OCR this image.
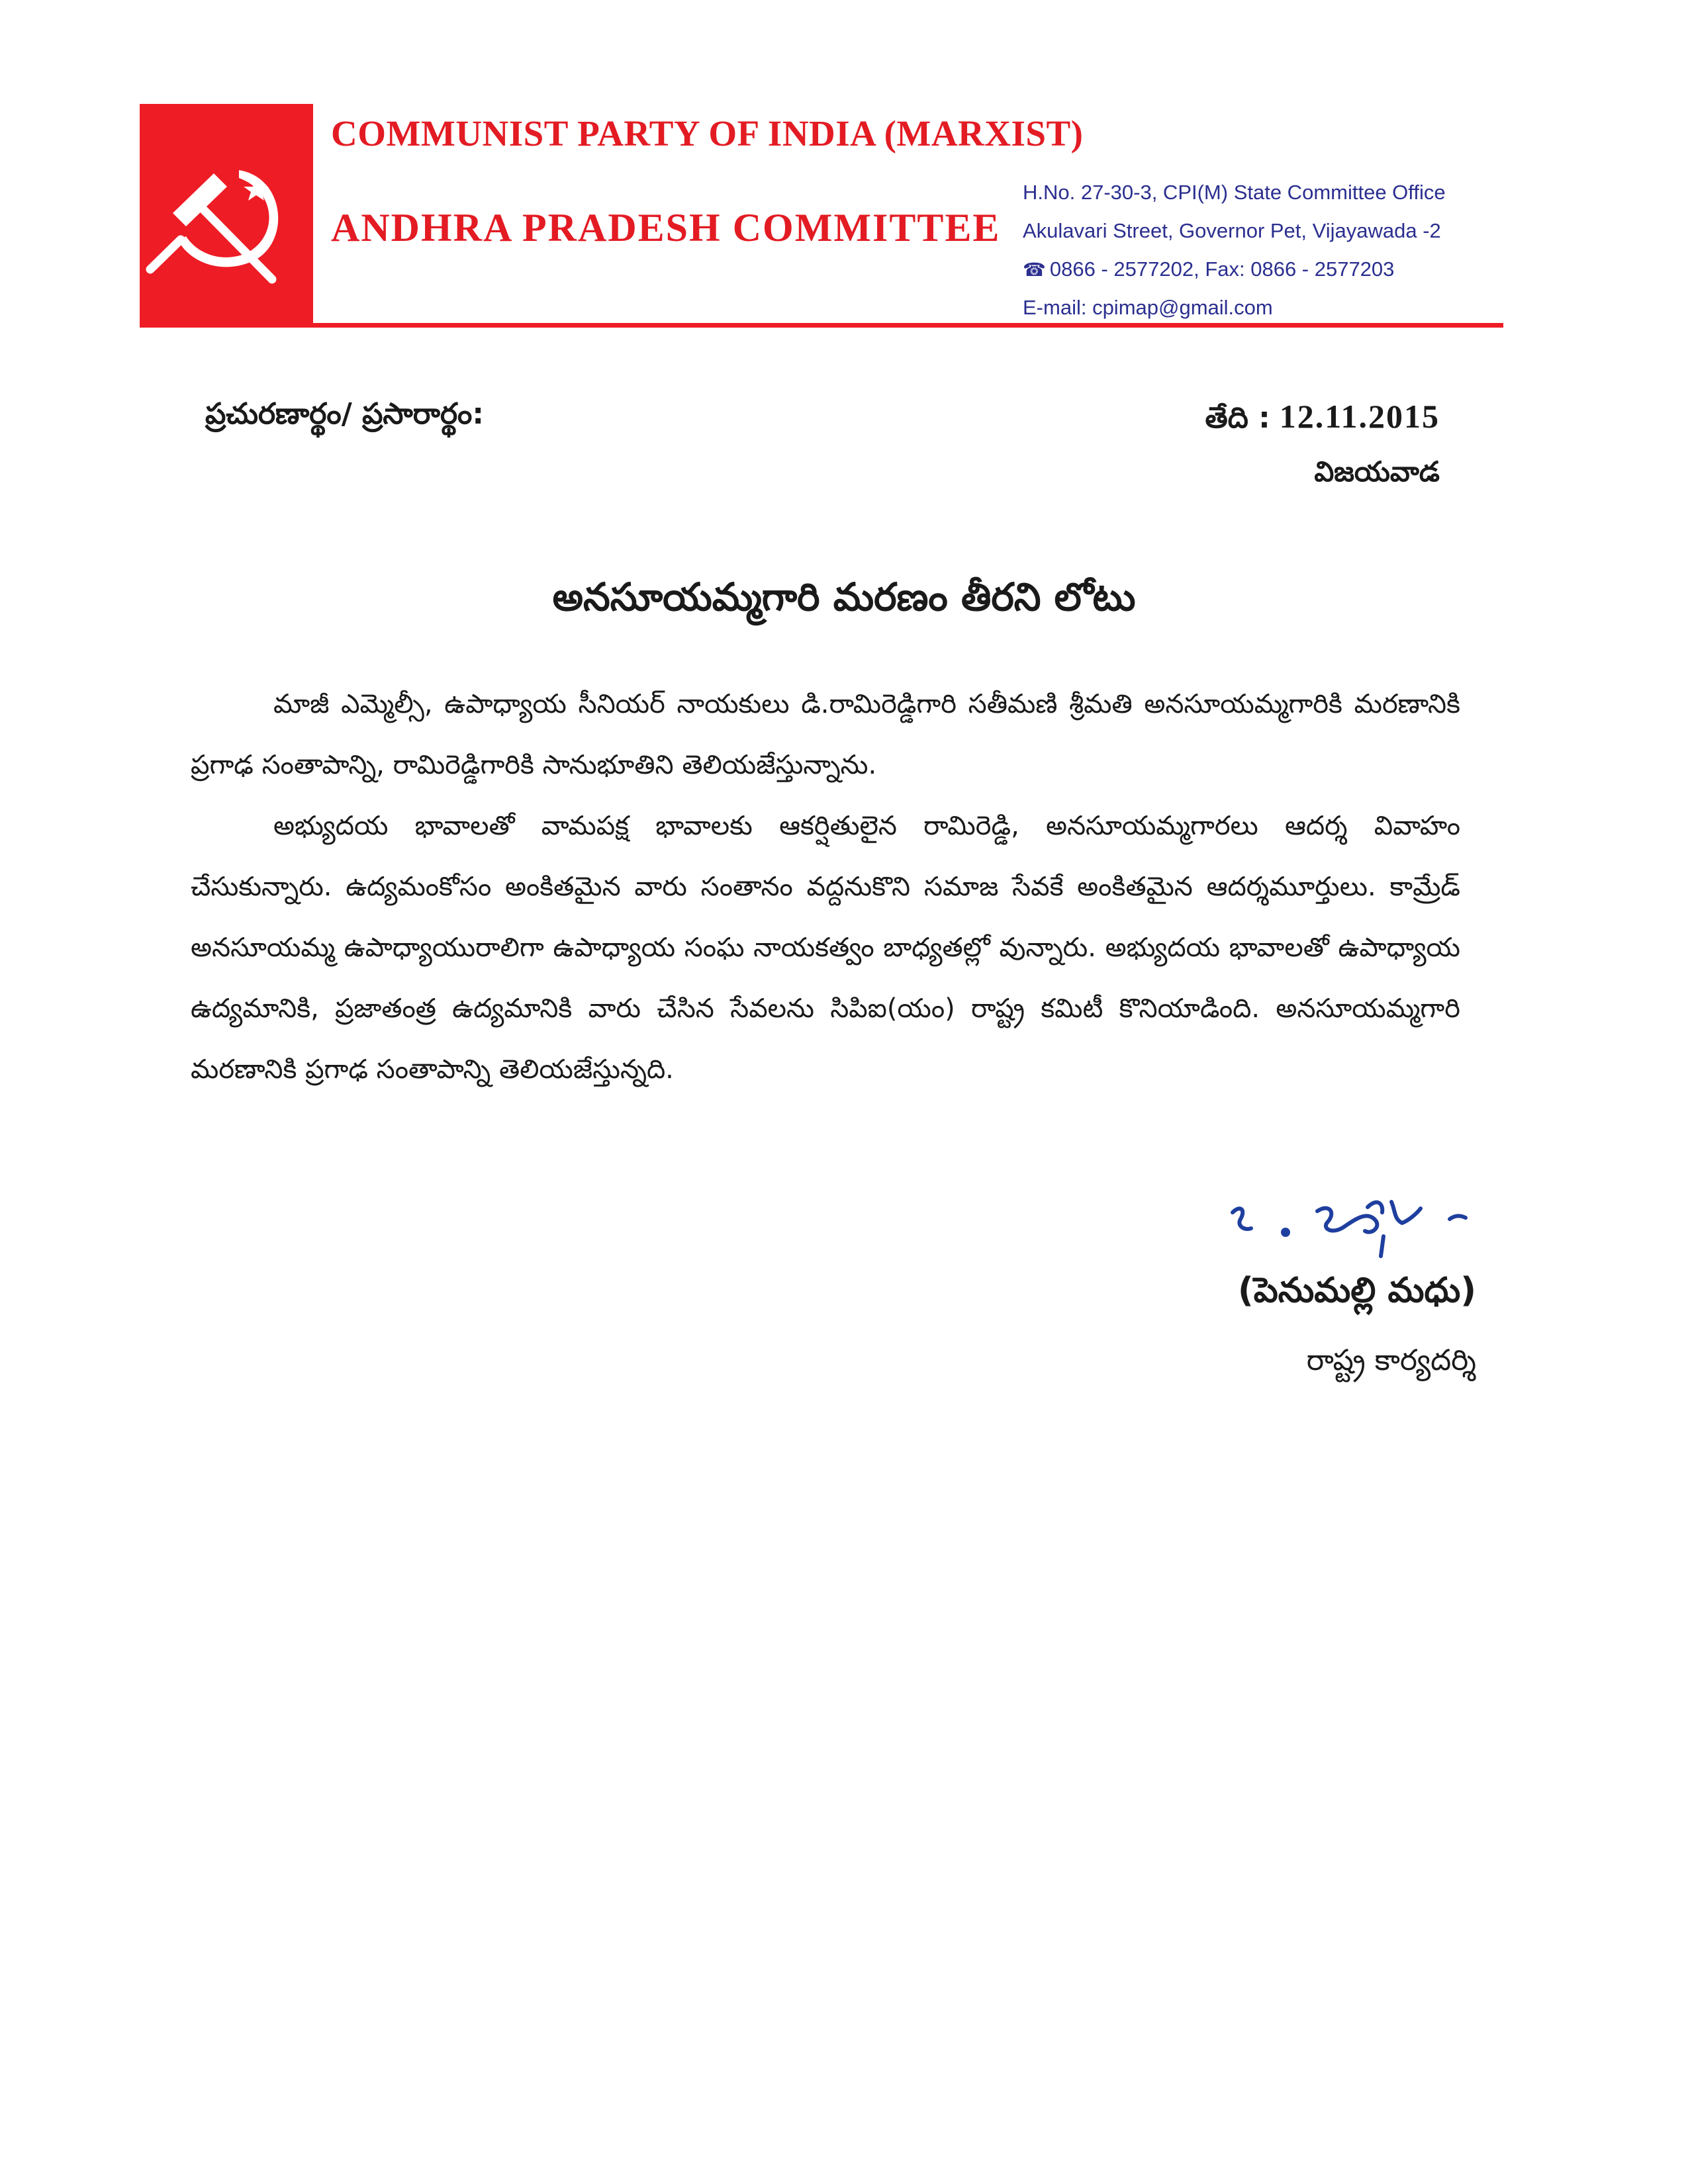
COMMUNIST PARTY OF INDIA (MARXIST)
ANDHRA PRADESH COMMITTEE
H.No. 27-30-3, CPI(M) State Committee Office
Akulavari Street, Governor Pet, Vijayawada -2
☎ 0866 - 2577202, Fax: 0866 - 2577203
E-mail: cpimap@gmail.com
ప్రచురణార్థం/ ప్రసారార్థం:	తేది : 12.11.2015
విజయవాడ
అనసూయమ్మగారి మరణం తీరని లోటు

మాజీ ఎమ్మెల్సీ, ఉపాధ్యాయ సీనియర్ నాయకులు డి.రామిరెడ్డిగారి సతీమణి శ్రీమతి అనసూయమ్మగారికి మరణానికి ప్రగాఢ సంతాపాన్ని, రామిరెడ్డిగారికి సానుభూతిని తెలియజేస్తున్నాను.

అభ్యుదయ భావాలతో వామపక్ష భావాలకు ఆకర్షితులైన రామిరెడ్డి, అనసూయమ్మగారలు ఆదర్శ వివాహం చేసుకున్నారు. ఉద్యమంకోసం అంకితమైన వారు సంతానం వద్దనుకొని సమాజ సేవకే అంకితమైన ఆదర్శమూర్తులు. కామ్రేడ్ అనసూయమ్మ ఉపాధ్యాయురాలిగా ఉపాధ్యాయ సంఘ నాయకత్వం బాధ్యతల్లో వున్నారు. అభ్యుదయ భావాలతో ఉపాధ్యాయ ఉద్యమానికి, ప్రజాతంత్ర ఉద్యమానికి వారు చేసిన సేవలను సిపిఐ(యం) రాష్ట్ర కమిటీ కొనియాడింది. అనసూయమ్మగారి మరణానికి ప్రగాఢ సంతాపాన్ని తెలియజేస్తున్నది.

(పెనుమల్లి మధు)
రాష్ట్ర కార్యదర్శి
